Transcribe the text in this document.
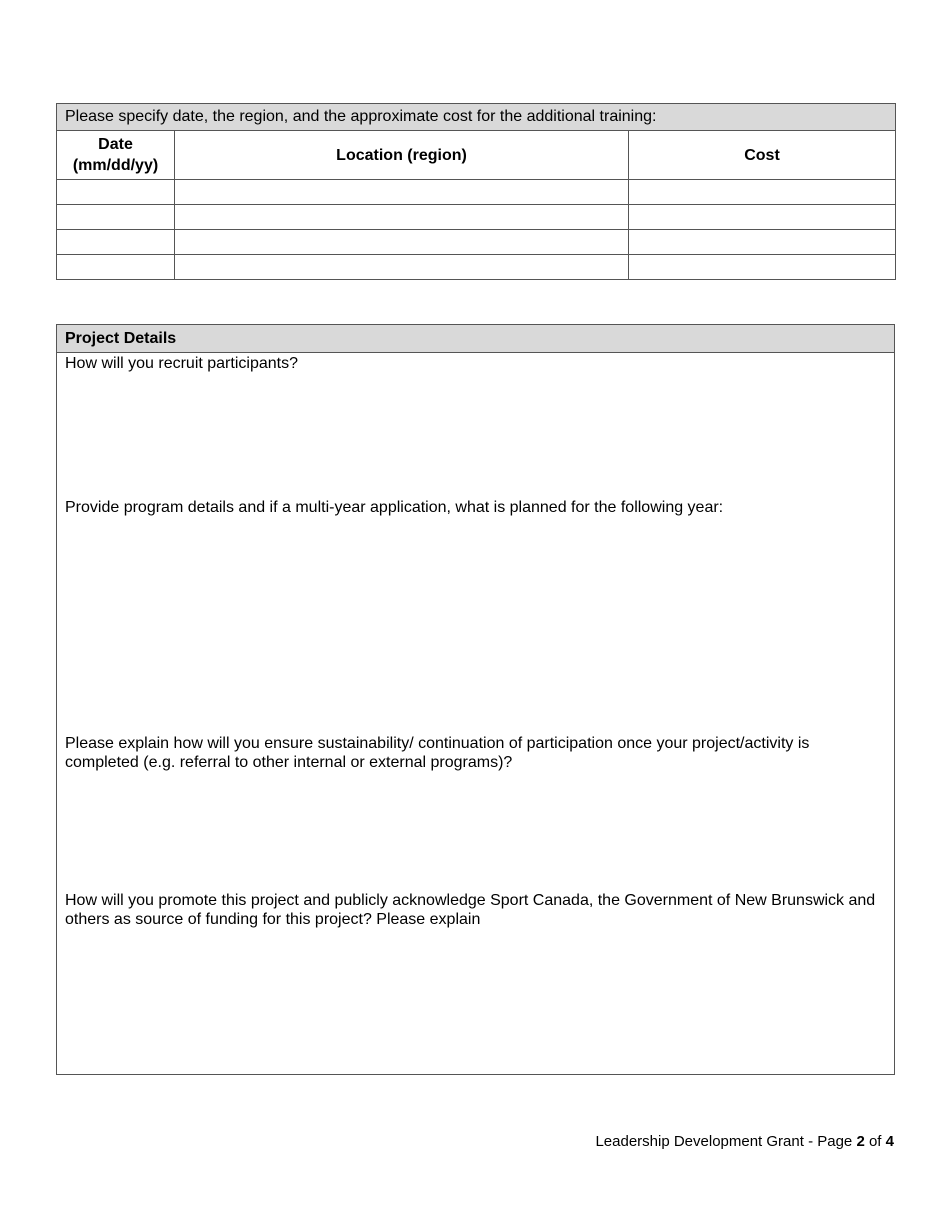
Please specify date, the region, and the approximate cost for the additional training:		
Date
(mm/dd/yy)	Location (region)	Cost

Project Details
How will you recruit participants?
Provide program details and if a multi-year application, what is planned for the following year:
Please explain how will you ensure sustainability/ continuation of participation once your project/activity is completed (e.g. referral to other internal or external programs)?
How will you promote this project and publicly acknowledge Sport Canada, the Government of New Brunswick and others as source of funding for this project? Please explain
Leadership Development Grant - Page 2 of 4
